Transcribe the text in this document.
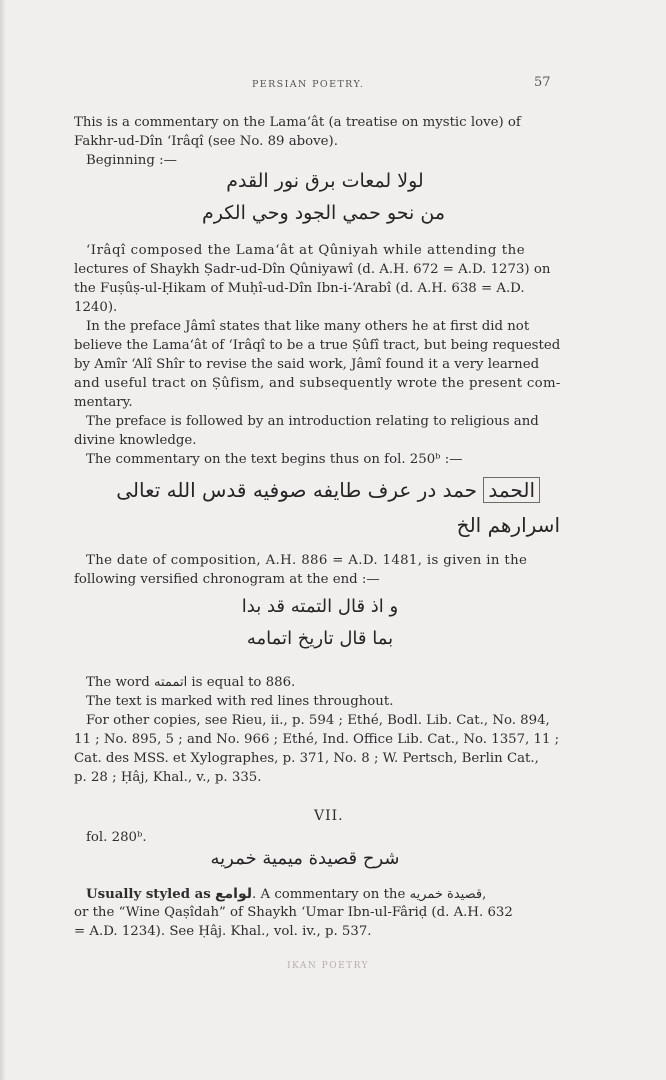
PERSIAN POETRY.	57
This is a commentary on the Lama‘ât (a treatise on mystic love) of
Fakhr-ud-Dîn ‘Irâqî (see No. 89 above).
Beginning :—
لولا لمعات برق نور القدم
من نحو حمي الجود وحي الكرم
‘Irâqî composed the Lama‘ât at Qûniyah while attending the
lectures of Shaykh Ṣadr-ud-Dîn Qûniyawî (d. A.H. 672 = A.D. 1273) on
the Fuṣûṣ-ul-Ḥikam of Muḥî-ud-Dîn Ibn-i-‘Arabî (d. A.H. 638 = A.D.
1240).
In the preface Jâmî states that like many others he at first did not
believe the Lama‘ât of ‘Irâqî to be a true Ṣûfî tract, but being requested
by Amîr ‘Alî Shîr to revise the said work, Jâmî found it a very learned
and useful tract on Ṣûfism, and subsequently wrote the present com-
mentary.
The preface is followed by an introduction relating to religious and
divine knowledge.
The commentary on the text begins thus on fol. 250ᵇ :—
الحمد حمد در عرف طايفه صوفيه قدس الله تعالى
اسرارهم الخ
The date of composition, A.H. 886 = A.D. 1481, is given in the
following versified chronogram at the end :—
و اذ قال التمته قد بدا
بما قال تاريخ اتمامه
The word اتممته is equal to 886.
The text is marked with red lines throughout.
For other copies, see Rieu, ii., p. 594 ; Ethé, Bodl. Lib. Cat., No. 894,
11 ; No. 895, 5 ; and No. 966 ; Ethé, Ind. Office Lib. Cat., No. 1357, 11 ;
Cat. des MSS. et Xylographes, p. 371, No. 8 ; W. Pertsch, Berlin Cat.,
p. 28 ; Ḥâj, Khal., v., p. 335.
VII.
fol. 280ᵇ.
شرح قصيدة ميمية خمريه
Usually styled as لوامع. A commentary on the قصيدة خمريه,
or the “Wine Qaṣîdah” of Shaykh ‘Umar Ibn-ul-Fâriḍ (d. A.H. 632
= A.D. 1234). See Ḥâj. Khal., vol. iv., p. 537.
IKAN POETRY
